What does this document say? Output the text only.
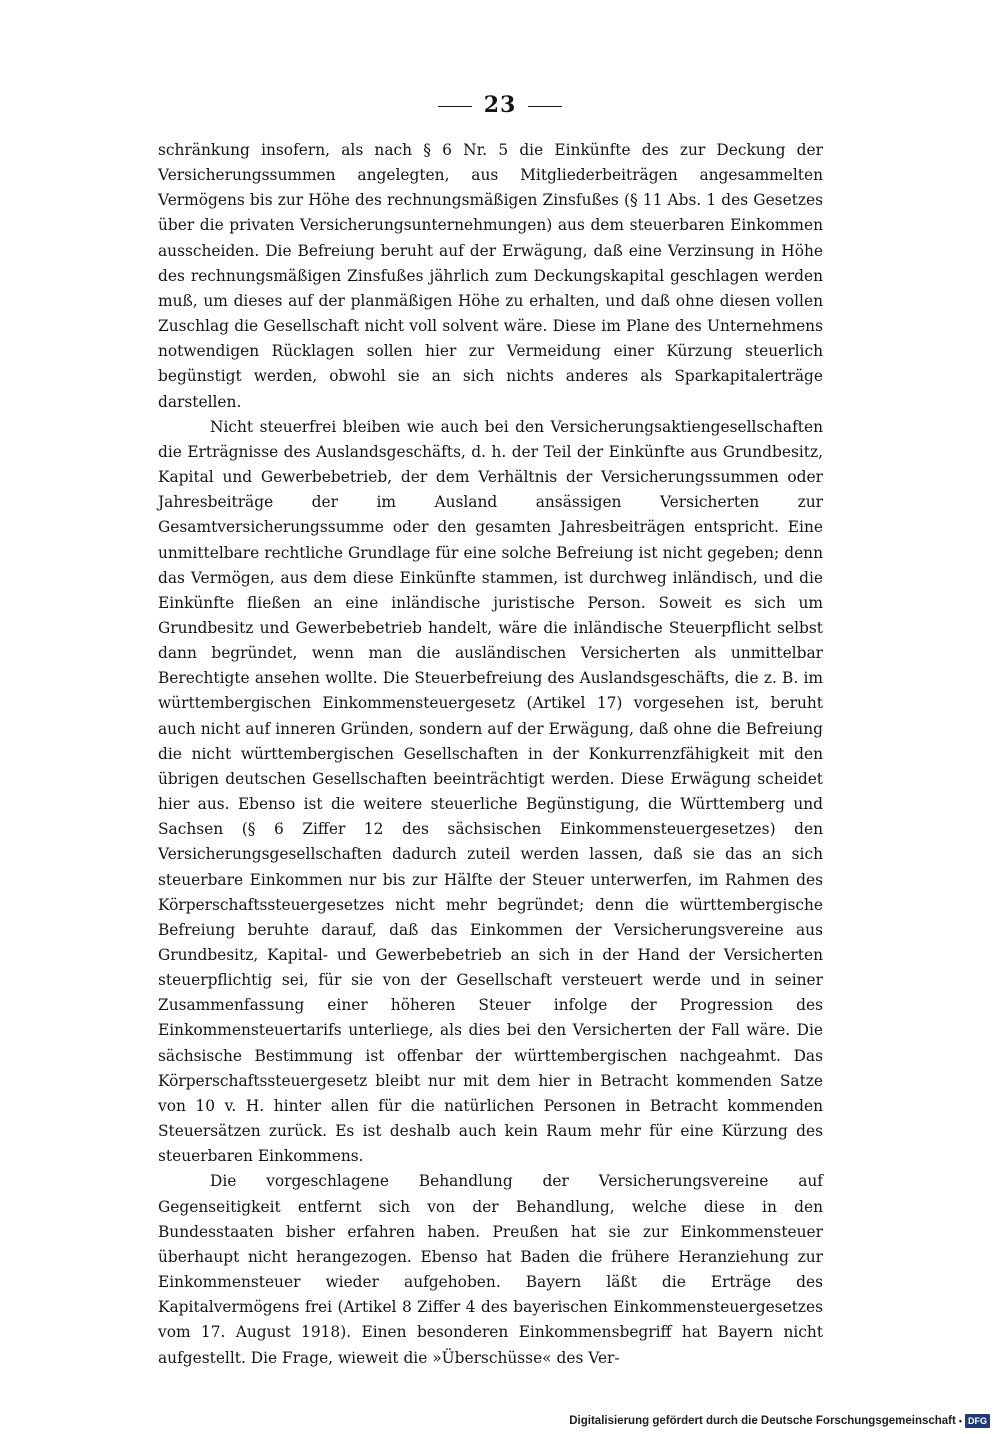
23

schränkung insofern, als nach § 6 Nr. 5 die Einkünfte des zur Deckung der Versicherungssummen angelegten, aus Mitgliederbeiträgen angesammelten Vermögens bis zur Höhe des rechnungsmäßigen Zinsfußes (§ 11 Abs. 1 des Gesetzes über die privaten Versicherungsunternehmungen) aus dem steuerbaren Einkommen ausscheiden. Die Befreiung beruht auf der Erwägung, daß eine Verzinsung in Höhe des rechnungsmäßigen Zinsfußes jährlich zum Deckungskapital geschlagen werden muß, um dieses auf der planmäßigen Höhe zu erhalten, und daß ohne diesen vollen Zuschlag die Gesellschaft nicht voll solvent wäre. Diese im Plane des Unternehmens notwendigen Rücklagen sollen hier zur Vermeidung einer Kürzung steuerlich begünstigt werden, obwohl sie an sich nichts anderes als Sparkapitalerträge darstellen.

Nicht steuerfrei bleiben wie auch bei den Versicherungsaktiengesellschaften die Erträgnisse des Auslandsgeschäfts, d. h. der Teil der Einkünfte aus Grundbesitz, Kapital und Gewerbebetrieb, der dem Verhältnis der Versicherungssummen oder Jahresbeiträge der im Ausland ansässigen Versicherten zur Gesamtversicherungssumme oder den gesamten Jahresbeiträgen entspricht. Eine unmittelbare rechtliche Grundlage für eine solche Befreiung ist nicht gegeben; denn das Vermögen, aus dem diese Einkünfte stammen, ist durchweg inländisch, und die Einkünfte fließen an eine inländische juristische Person. Soweit es sich um Grundbesitz und Gewerbebetrieb handelt, wäre die inländische Steuerpflicht selbst dann begründet, wenn man die ausländischen Versicherten als unmittelbar Berechtigte ansehen wollte. Die Steuerbefreiung des Auslandsgeschäfts, die z. B. im württembergischen Einkommensteuergesetz (Artikel 17) vorgesehen ist, beruht auch nicht auf inneren Gründen, sondern auf der Erwägung, daß ohne die Befreiung die nicht württembergischen Gesellschaften in der Konkurrenzfähigkeit mit den übrigen deutschen Gesellschaften beeinträchtigt werden. Diese Erwägung scheidet hier aus. Ebenso ist die weitere steuerliche Begünstigung, die Württemberg und Sachsen (§ 6 Ziffer 12 des sächsischen Einkommensteuergesetzes) den Versicherungsgesellschaften dadurch zuteil werden lassen, daß sie das an sich steuerbare Einkommen nur bis zur Hälfte der Steuer unterwerfen, im Rahmen des Körperschaftssteuergesetzes nicht mehr begründet; denn die württembergische Befreiung beruhte darauf, daß das Einkommen der Versicherungsvereine aus Grundbesitz, Kapital- und Gewerbebetrieb an sich in der Hand der Versicherten steuerpflichtig sei, für sie von der Gesellschaft versteuert werde und in seiner Zusammenfassung einer höheren Steuer infolge der Progression des Einkommensteuertarifs unterliege, als dies bei den Versicherten der Fall wäre. Die sächsische Bestimmung ist offenbar der württembergischen nachgeahmt. Das Körperschaftssteuergesetz bleibt nur mit dem hier in Betracht kommenden Satze von 10 v. H. hinter allen für die natürlichen Personen in Betracht kommenden Steuersätzen zurück. Es ist deshalb auch kein Raum mehr für eine Kürzung des steuerbaren Einkommens.

Die vorgeschlagene Behandlung der Versicherungsvereine auf Gegenseitigkeit entfernt sich von der Behandlung, welche diese in den Bundesstaaten bisher erfahren haben. Preußen hat sie zur Einkommensteuer überhaupt nicht herangezogen. Ebenso hat Baden die frühere Heranziehung zur Einkommensteuer wieder aufgehoben. Bayern läßt die Erträge des Kapitalvermögens frei (Artikel 8 Ziffer 4 des bayerischen Einkommensteuergesetzes vom 17. August 1918). Einen besonderen Einkommensbegriff hat Bayern nicht aufgestellt. Die Frage, wieweit die »Überschüsse« des Ver-

Digitalisierung gefördert durch die Deutsche Forschungsgemeinschaft • DFG
